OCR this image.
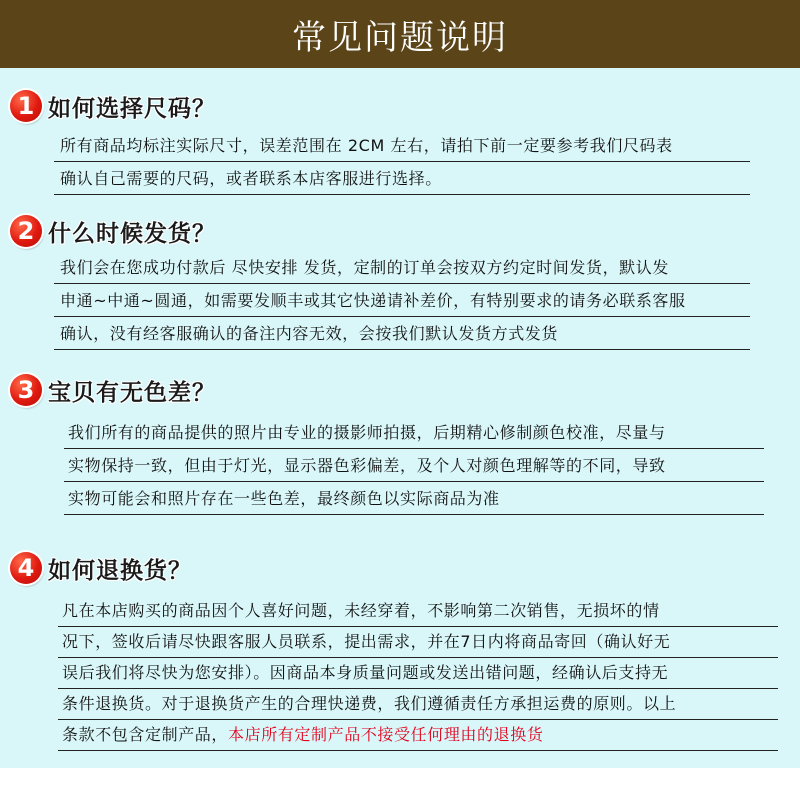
常见问题说明
1 如何选择尺码？
所有商品均标注实际尺寸，误差范围在 2CM 左右，请拍下前一定要参考我们尺码表
确认自己需要的尺码，或者联系本店客服进行选择。
2 什么时候发货？
我们会在您成功付款后 尽快安排 发货，定制的订单会按双方约定时间发货，默认发
申通~中通~圆通，如需要发顺丰或其它快递请补差价，有特别要求的请务必联系客服
确认，没有经客服确认的备注内容无效，会按我们默认发货方式发货
3 宝贝有无色差？
我们所有的商品提供的照片由专业的摄影师拍摄，后期精心修制颜色校准，尽量与
实物保持一致，但由于灯光，显示器色彩偏差，及个人对颜色理解等的不同，导致
实物可能会和照片存在一些色差，最终颜色以实际商品为准
4 如何退换货？
凡在本店购买的商品因个人喜好问题，未经穿着，不影响第二次销售，无损坏的情
况下，签收后请尽快跟客服人员联系，提出需求，并在7日内将商品寄回（确认好无
误后我们将尽快为您安排）。因商品本身质量问题或发送出错问题，经确认后支持无
条件退换货。对于退换货产生的合理快递费，我们遵循责任方承担运费的原则。以上
条款不包含定制产品，本店所有定制产品不接受任何理由的退换货
